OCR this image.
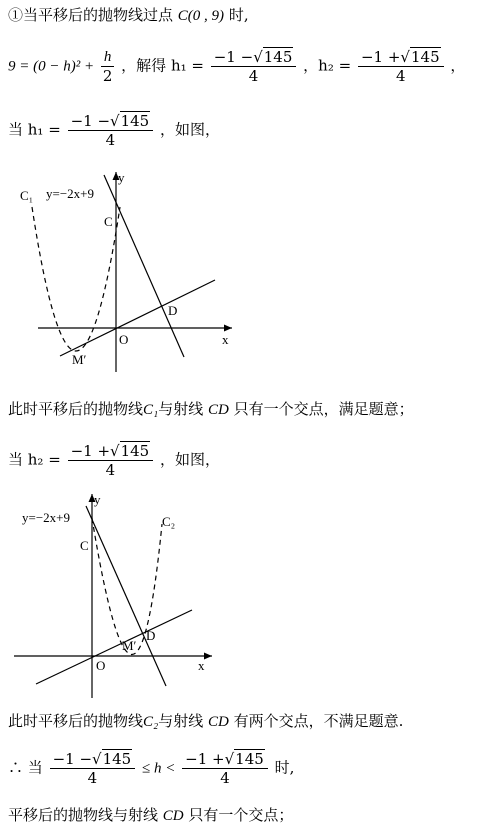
①当平移后的抛物线过点 C(0 , 9) 时,
$9 = (0 - h)^2 + \frac{h}{2}$ ，解得 $h_1 = \frac{-1 -√145}{4}$ ，$h_2 = \frac{-1 +√145}{4}$ ，
当 $h_1 = \frac{-1 -√145}{4}$ ，如图，
C₁ y=−2x+9
y
C
D
O	x
M′
此时平移后的抛物线C₁与射线 CD 只有一个交点，满足题意；
当 $h_2 = \frac{-1 +√145}{4}$ ，如图，
y=−2x+9	C₂
y
C
D
M′
O	x
此时平移后的抛物线C₂与射线 CD 有两个交点，不满足题意.
∴ 当 $\frac{-1 -√145}{4} \le h < \frac{-1 +√145}{4}$ 时,
平移后的抛物线与射线 CD 只有一个交点；
